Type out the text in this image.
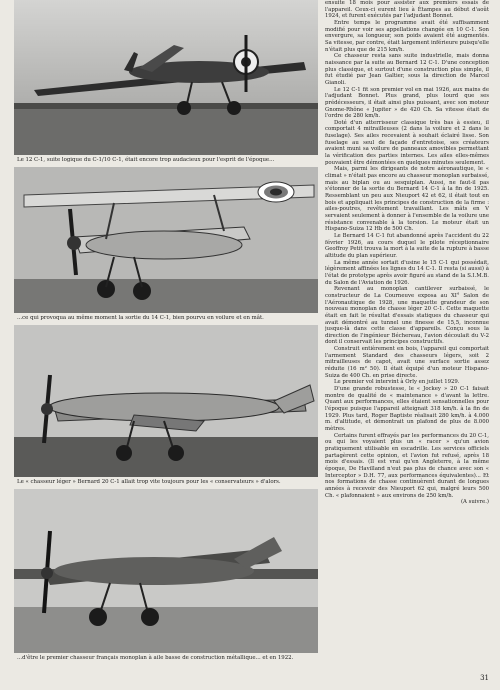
Le 12 C-1, suite logique du C-1/10 C-1, était encore trop audacieux pour l'esprit de l'époque...
...ce qui provoqua au même moment la sortie du 14 C-1, bien pourvu en voilure et en mât.
Le « chasseur léger » Bernard 20 C-1 allait trop vite toujours pour les « conservateurs » d'alors.
...d'être le premier chasseur français monoplan à aile basse de construction métallique... et en 1922.

ensuite 18 mois pour assister aux premiers essais de l'appareil. Ceux-ci eurent lieu à Étampes au début d'août 1924, et furent exécutés par l'adjudant Bonnet.

Entre temps le programme avait été suffisamment modifié pour voir ses appellations changée en 10 C-1. Son envergure, sa longueur, son poids avaient été augmentés. Sa vitesse, par contre, était largement inférieure puisqu'elle n'était plus que de 215 km/h.

Ce chasseur resta sans suite industrielle, mais donna naissance par la suite au Bernard 12 C-1. D'une conception plus classique, et surtout d'une construction plus simple, il fut étudié par Jean Galtier, sous la direction de Marcel Gianoli.

Le 12 C-1 fit son premier vol en mai 1926, aux mains de l'adjudant Bonnet. Plus grand, plus lourd que ses prédécesseurs, il était ainsi plus puissant, avec son moteur Gnome-Rhône « Jupiter » de 420 Ch. Sa vitesse était de l'ordre de 280 km/h.

Doté d'un atterrisseur classique très bas à essieu, il comportait 4 mitrailleuses (2 dans la voilure et 2 dans le fuselage). Ses ailes recevaient à souhait éclairé lisse. Son fuselage au seul de façade d'entretoise, ses créateurs avaient muni sa voilure de panneaux amovibles permettant la vérification des parties internes. Les ailes elles-mêmes pouvaient être démontées en quelques minutes seulement.

Mais, parmi les dirigeants de notre aéronautique, le « climat » n'était pas encore au chasseur monoplan surbaissé, mais au biplan ou au sesquiplan. Aussi, ne faut-il pas s'étonner de la sortie du Bernard 14 C-1 à la fin de 1925. Ressemblant un peu aux Nieuport 42 et 62, il était tout en bois et appliquait les principes de construction de la firme : ailes-poutres, revêtement travaillant. Les mâts en V servaient seulement à donner à l'ensemble de la voilure une résistance convenable à la torsion. Le moteur était un Hispano-Suiza 12 Hb de 500 Ch.

Le Bernard 14 C-1 fut abandonné après l'accident du 22 février 1926, au cours duquel le pilote réceptionnaire Geoffroy Petit trouva la mort à la suite de la rupture à basse altitude du plan supérieur.

La même année sortait d'usine le 15 C-1 qui possédait, légèrement affinées les lignes du 14 C-1. Il resta (si aussi) à l'état de prototype après avoir figuré au stand de la S.I.M.B. du Salon de l'Aviation de 1926.

Revenant au monoplan cantilever surbaissé, le constructeur de La Courneuve exposa au XI° Salon de l'Aéronautique de 1928, une maquette grandeur de son nouveau monoplan de chasse léger 20 C-1. Cette maquette était en fait le résultat d'essais statiques du chasseur qui avait démontré au tunnel une finesse de 15,5, inconnue jusque-là dans cette classe d'appareils. Conçu sous la direction de l'ingénieur Béchereau, l'avion découlait du V-2 dont il conservait les principes constructifs.

Construit entièrement en bois, l'appareil qui comportait l'armement Standard des chasseurs légers, soit 2 mitrailleuses de capot, avait une surface sortie assez réduite (16 m² 50). Il était équipé d'un moteur Hispano-Suiza de 400 Ch. en prise directe.

Le premier vol intervint à Orly en juillet 1929.

D'une grande robustesse, le « Jockey » 20 C-1 faisait montre de qualité de « maintenance » d'avant la lettre. Quant aux performances, elles étaient sensationnelles pour l'époque puisque l'appareil atteignait 318 km/h. à la fin de 1929. Plus tard, Roger Baptiste réalisait 280 km/h. à 4.000 m. d'altitude, et démontrait un plafond de plus de 8.000 mètres.

Certains furent effrayés par les performances du 20 C-1, ou qui les voyaient plus un « racer » qu'un avion pratiquement utilisable en escadrille. Les services officiels partagèrent cette opinion, et l'avion fut refusé, après 18 mois d'essais. (Il est vrai qu'en Angleterre, à la même époque, De Havilland n'eut pas plus de chance avec son « Interceptor » D.H. 77, aux performances équivalentes)... Et nos formations de chasse continuèrent durant de longues années à recevoir des Nieuport 62 qui, malgré leurs 500 Ch. « plafonnaient » aux environs de 250 km/h.

(A suivre.)

31
